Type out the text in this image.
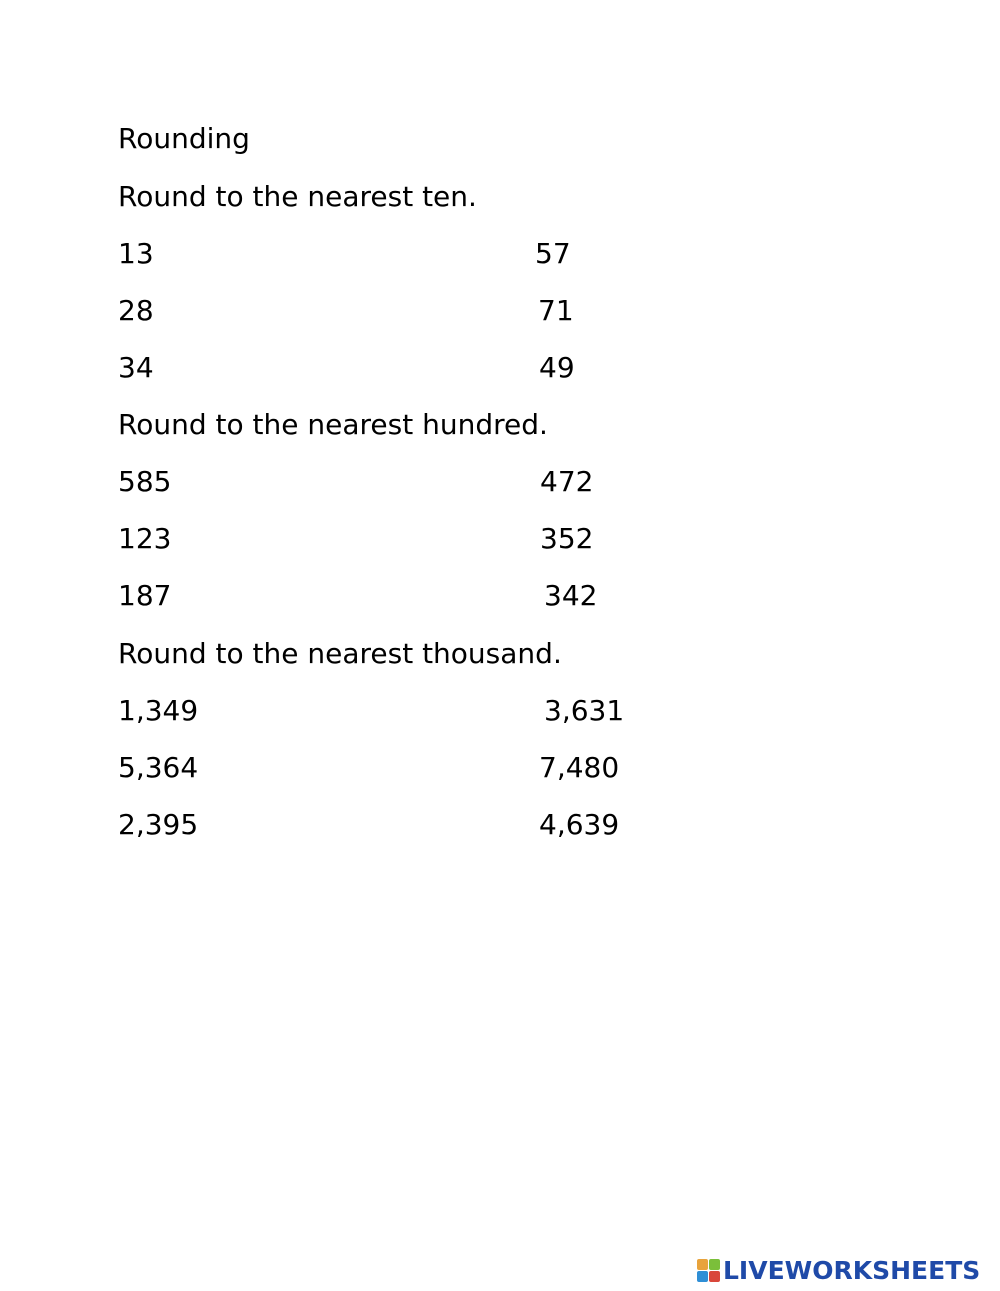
Rounding
Round to the nearest ten.
13	57
28	71
34	49
Round to the nearest hundred.
585	472
123	352
187	342
Round to the nearest thousand.
1,349	3,631
5,364	7,480
2,395	4,639
LIVEWORKSHEETS
